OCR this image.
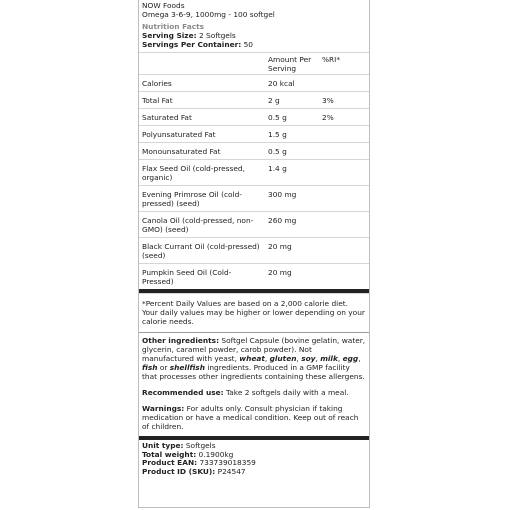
NOW Foods
Omega 3-6-9, 1000mg - 100 softgel
Nutrition Facts
Serving Size: 2 Softgels
Servings Per Container: 50
	Amount Per Serving	%RI*
Calories	20 kcal	
Total Fat	2 g	3%
Saturated Fat	0.5 g	2%
Polyunsaturated Fat	1.5 g	
Monounsaturated Fat	0.5 g	
Flax Seed Oil (cold-pressed, organic)	1.4 g	
Evening Primrose Oil (cold-pressed) (seed)	300 mg	
Canola Oil (cold-pressed, non-GMO) (seed)	260 mg	
Black Currant Oil (cold-pressed) (seed)	20 mg	
Pumpkin Seed Oil (Cold-Pressed)	20 mg	
*Percent Daily Values are based on a 2,000 calorie diet. Your daily values may be higher or lower depending on your calorie needs.
Other ingredients: Softgel Capsule (bovine gelatin, water, glycerin, caramel powder, carob powder). Not manufactured with yeast, wheat, gluten, soy, milk, egg, fish or shellfish ingredients. Produced in a GMP facility that processes other ingredients containing these allergens.
Recommended use: Take 2 softgels daily with a meal.
Warnings: For adults only. Consult physician if taking medication or have a medical condition. Keep out of reach of children.
Unit type: Softgels
Total weight: 0.1900kg
Product EAN: 733739018359
Product ID (SKU): P24547
